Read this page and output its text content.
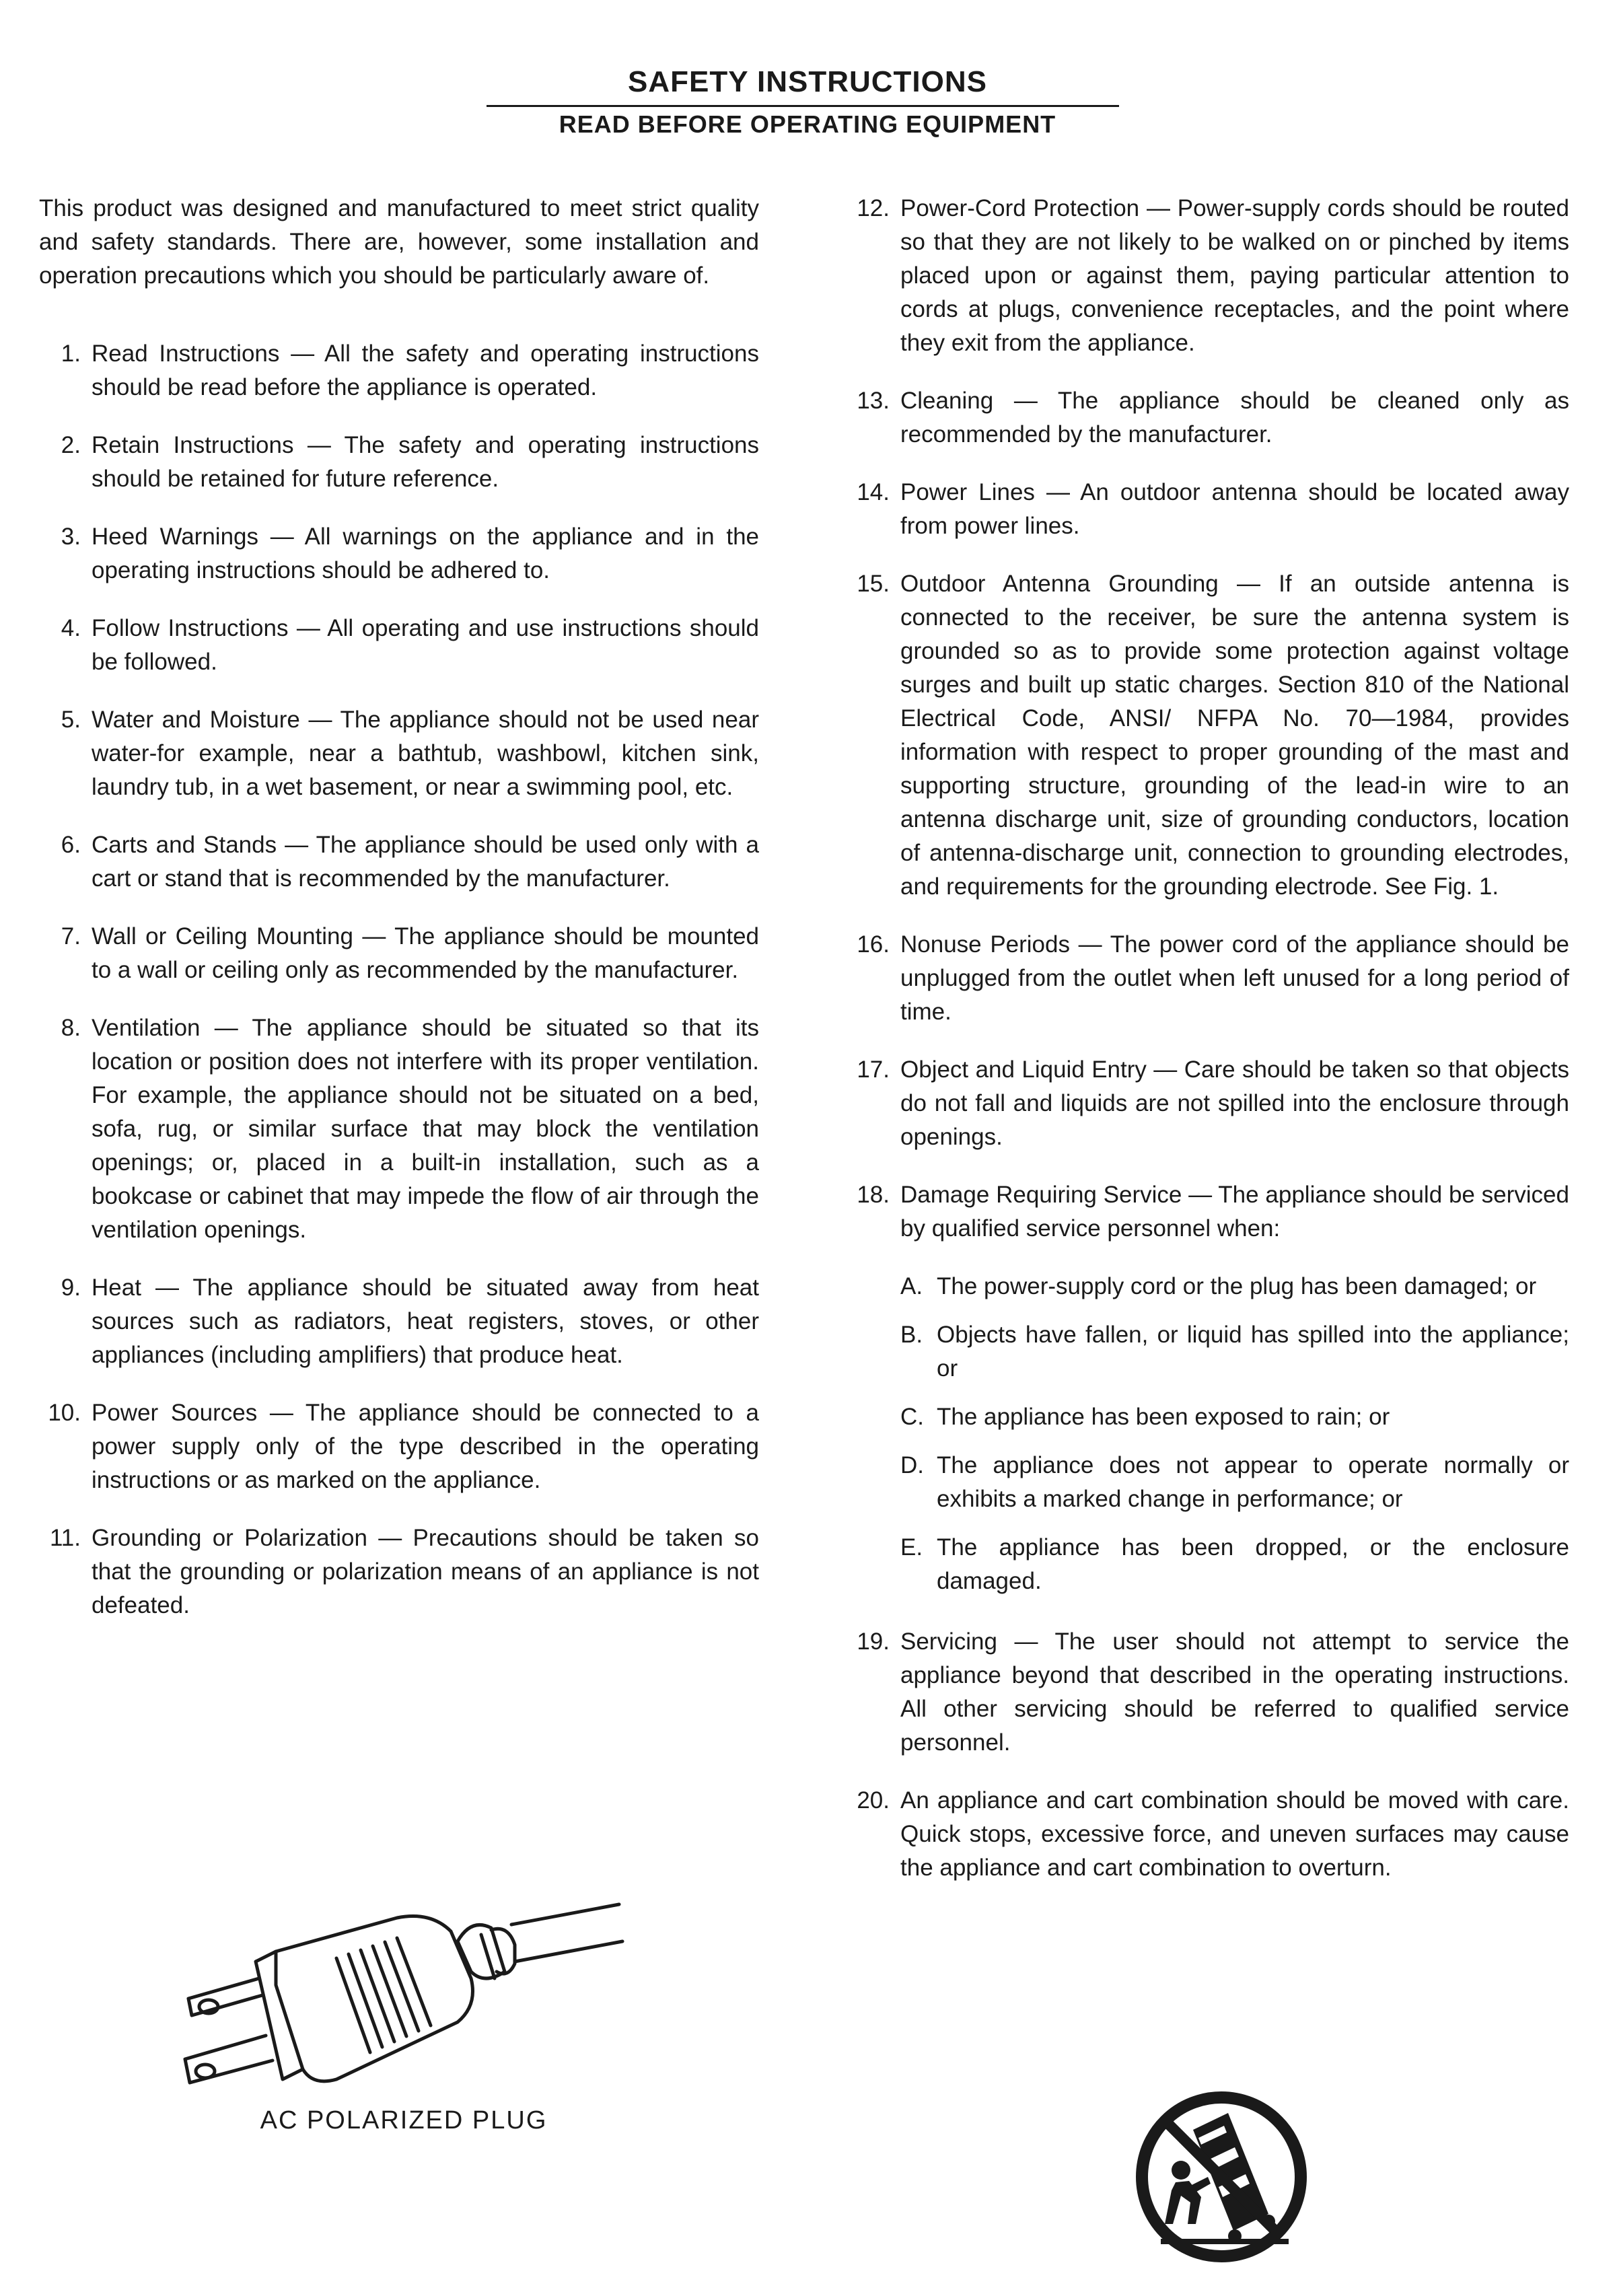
SAFETY INSTRUCTIONS
READ BEFORE OPERATING EQUIPMENT

This product was designed and manufactured to meet strict quality and safety standards. There are, however, some installation and operation precautions which you should be particularly aware of.

1. Read Instructions — All the safety and operating instructions should be read before the appliance is operated.
2. Retain Instructions — The safety and operating instructions should be retained for future reference.
3. Heed Warnings — All warnings on the appliance and in the operating instructions should be adhered to.
4. Follow Instructions — All operating and use instructions should be followed.
5. Water and Moisture — The appliance should not be used near water-for example, near a bathtub, washbowl, kitchen sink, laundry tub, in a wet basement, or near a swimming pool, etc.
6. Carts and Stands — The appliance should be used only with a cart or stand that is recommended by the manufacturer.
7. Wall or Ceiling Mounting — The appliance should be mounted to a wall or ceiling only as recommended by the manufacturer.
8. Ventilation — The appliance should be situated so that its location or position does not interfere with its proper ventilation. For example, the appliance should not be situated on a bed, sofa, rug, or similar surface that may block the ventilation openings; or, placed in a built-in installation, such as a bookcase or cabinet that may impede the flow of air through the ventilation openings.
9. Heat — The appliance should be situated away from heat sources such as radiators, heat registers, stoves, or other appliances (including amplifiers) that produce heat.
10. Power Sources — The appliance should be connected to a power supply only of the type described in the operating instructions or as marked on the appliance.
11. Grounding or Polarization — Precautions should be taken so that the grounding or polarization means of an appliance is not defeated.
12. Power-Cord Protection — Power-supply cords should be routed so that they are not likely to be walked on or pinched by items placed upon or against them, paying particular attention to cords at plugs, convenience receptacles, and the point where they exit from the appliance.
13. Cleaning — The appliance should be cleaned only as recommended by the manufacturer.
14. Power Lines — An outdoor antenna should be located away from power lines.
15. Outdoor Antenna Grounding — If an outside antenna is connected to the receiver, be sure the antenna system is grounded so as to provide some protection against voltage surges and built up static charges. Section 810 of the National Electrical Code, ANSI/ NFPA No. 70—1984, provides information with respect to proper grounding of the mast and supporting structure, grounding of the lead-in wire to an antenna discharge unit, size of grounding conductors, location of antenna-discharge unit, connection to grounding electrodes, and requirements for the grounding electrode. See Fig. 1.
16. Nonuse Periods — The power cord of the appliance should be unplugged from the outlet when left unused for a long period of time.
17. Object and Liquid Entry — Care should be taken so that objects do not fall and liquids are not spilled into the enclosure through openings.
18. Damage Requiring Service — The appliance should be serviced by qualified service personnel when:
A. The power-supply cord or the plug has been damaged; or
B. Objects have fallen, or liquid has spilled into the appliance; or
C. The appliance has been exposed to rain; or
D. The appliance does not appear to operate normally or exhibits a marked change in performance; or
E. The appliance has been dropped, or the enclosure damaged.
19. Servicing — The user should not attempt to service the appliance beyond that described in the operating instructions. All other servicing should be referred to qualified service personnel.
20. An appliance and cart combination should be moved with care. Quick stops, excessive force, and uneven surfaces may cause the appliance and cart combination to overturn.
AC POLARIZED PLUG
